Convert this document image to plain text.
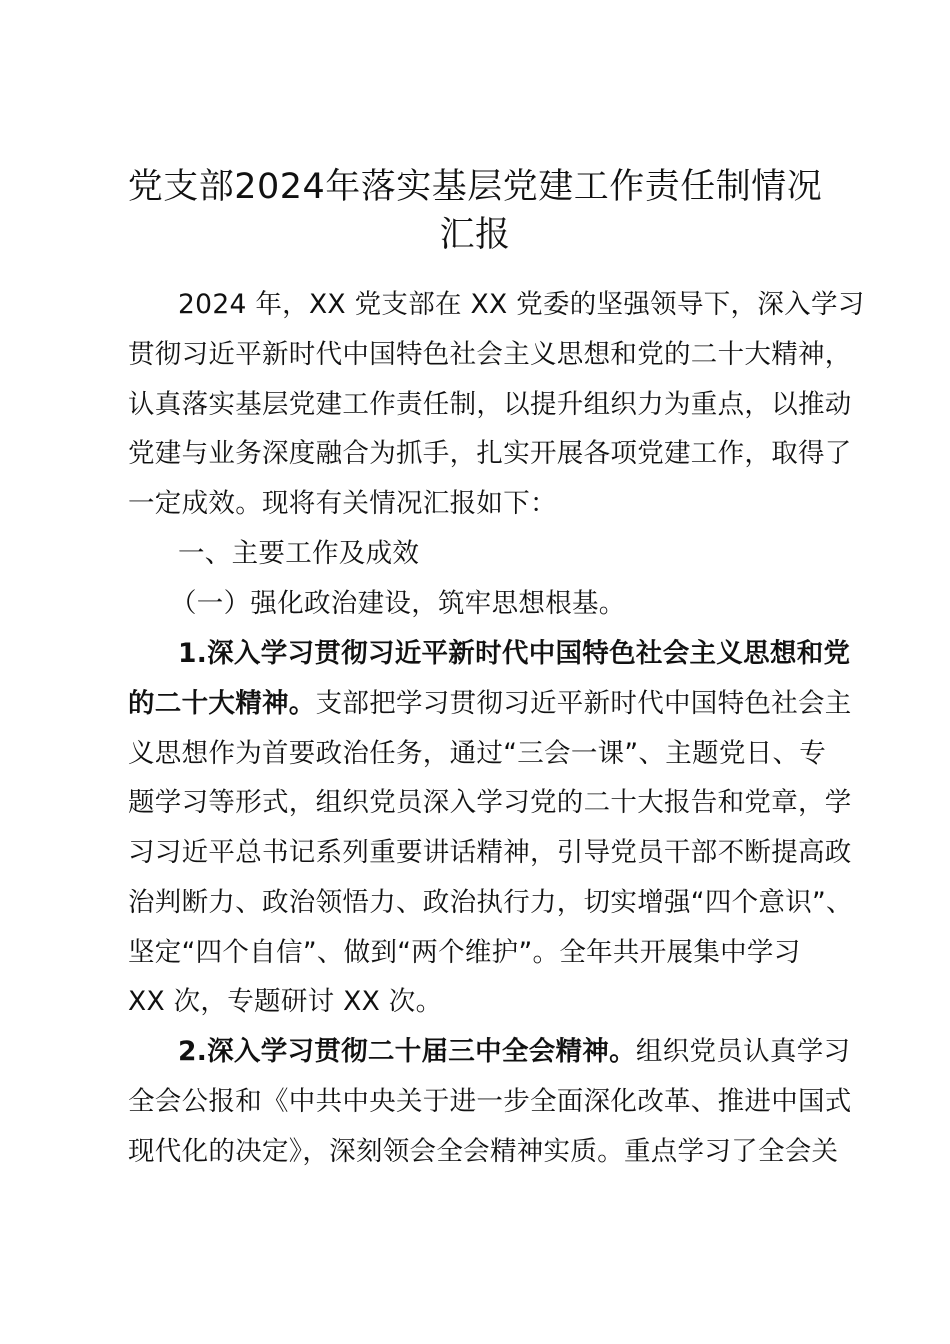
党支部2024年落实基层党建工作责任制情况
汇报
2024 年，XX 党支部在 XX 党委的坚强领导下，深入学习
贯彻习近平新时代中国特色社会主义思想和党的二十大精神，
认真落实基层党建工作责任制，以提升组织力为重点，以推动
党建与业务深度融合为抓手，扎实开展各项党建工作，取得了
一定成效。现将有关情况汇报如下：
一、主要工作及成效
（一）强化政治建设，筑牢思想根基。
1.深入学习贯彻习近平新时代中国特色社会主义思想和党
的二十大精神。支部把学习贯彻习近平新时代中国特色社会主
义思想作为首要政治任务，通过“三会一课”、主题党日、专
题学习等形式，组织党员深入学习党的二十大报告和党章，学
习习近平总书记系列重要讲话精神，引导党员干部不断提高政
治判断力、政治领悟力、政治执行力，切实增强“四个意识”、
坚定“四个自信”、做到“两个维护”。全年共开展集中学习
XX 次，专题研讨 XX 次。
2.深入学习贯彻二十届三中全会精神。组织党员认真学习
全会公报和《中共中央关于进一步全面深化改革、推进中国式
现代化的决定》，深刻领会全会精神实质。重点学习了全会关
